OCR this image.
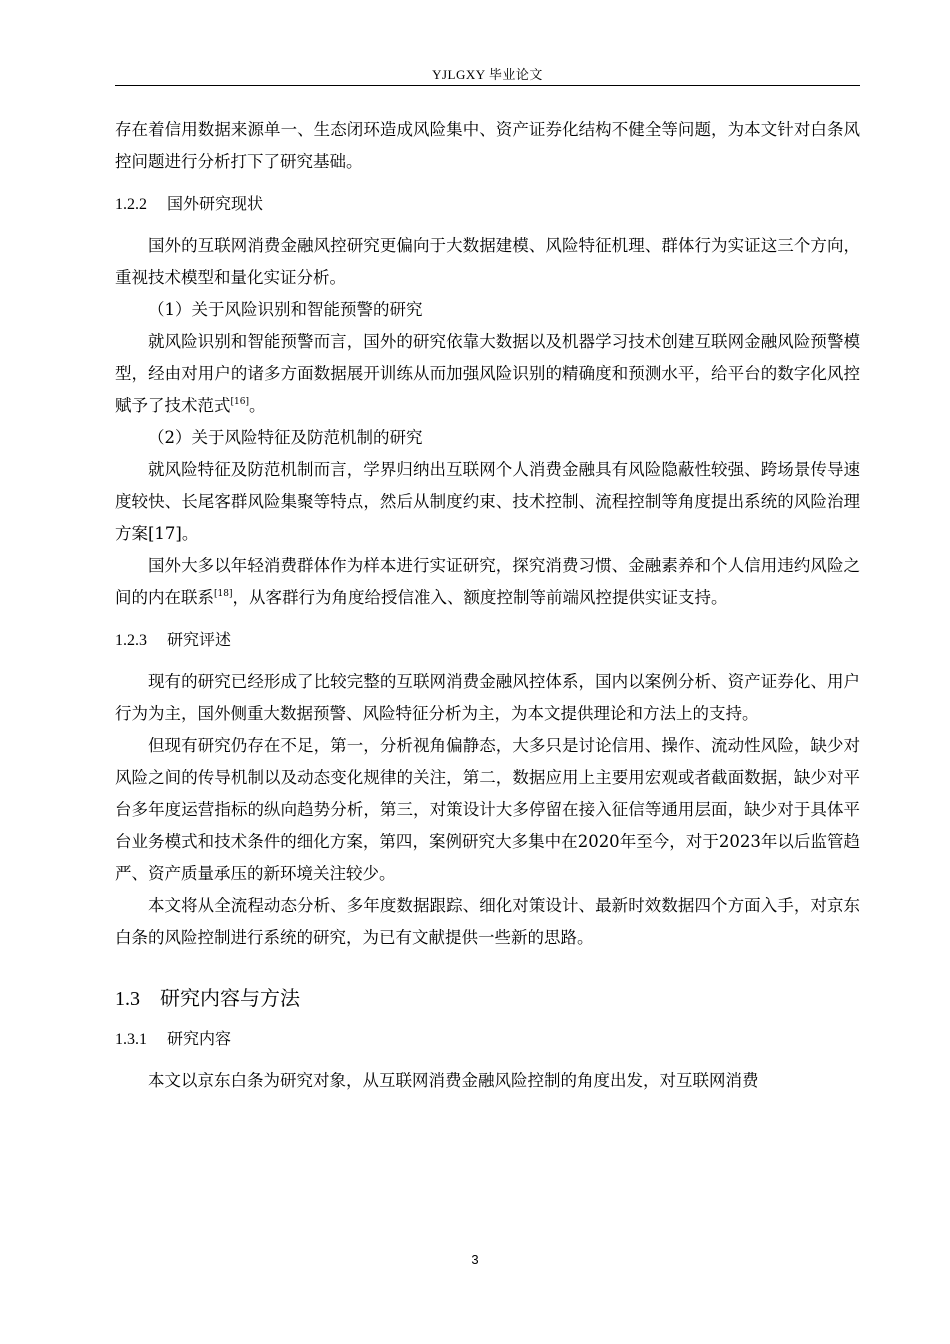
YJLGXY 毕业论文

存在着信用数据来源单一、生态闭环造成风险集中、资产证券化结构不健全等问题，为本文针对白条风控问题进行分析打下了研究基础。

1.2.2 国外研究现状

国外的互联网消费金融风控研究更偏向于大数据建模、风险特征机理、群体行为实证这三个方向，重视技术模型和量化实证分析。

（1）关于风险识别和智能预警的研究

就风险识别和智能预警而言，国外的研究依靠大数据以及机器学习技术创建互联网金融风险预警模型，经由对用户的诸多方面数据展开训练从而加强风险识别的精确度和预测水平，给平台的数字化风控赋予了技术范式[16]。

（2）关于风险特征及防范机制的研究

就风险特征及防范机制而言，学界归纳出互联网个人消费金融具有风险隐蔽性较强、跨场景传导速度较快、长尾客群风险集聚等特点，然后从制度约束、技术控制、流程控制等角度提出系统的风险治理方案[17]。

国外大多以年轻消费群体作为样本进行实证研究，探究消费习惯、金融素养和个人信用违约风险之间的内在联系[18]，从客群行为角度给授信准入、额度控制等前端风控提供实证支持。

1.2.3 研究评述

现有的研究已经形成了比较完整的互联网消费金融风控体系，国内以案例分析、资产证券化、用户行为为主，国外侧重大数据预警、风险特征分析为主，为本文提供理论和方法上的支持。

但现有研究仍存在不足，第一，分析视角偏静态，大多只是讨论信用、操作、流动性风险，缺少对风险之间的传导机制以及动态变化规律的关注，第二，数据应用上主要用宏观或者截面数据，缺少对平台多年度运营指标的纵向趋势分析，第三，对策设计大多停留在接入征信等通用层面，缺少对于具体平台业务模式和技术条件的细化方案，第四，案例研究大多集中在2020年至今，对于2023年以后监管趋严、资产质量承压的新环境关注较少。

本文将从全流程动态分析、多年度数据跟踪、细化对策设计、最新时效数据四个方面入手，对京东白条的风险控制进行系统的研究，为已有文献提供一些新的思路。

1.3 研究内容与方法
1.3.1 研究内容

本文以京东白条为研究对象，从互联网消费金融风险控制的角度出发，对互联网消费

3
